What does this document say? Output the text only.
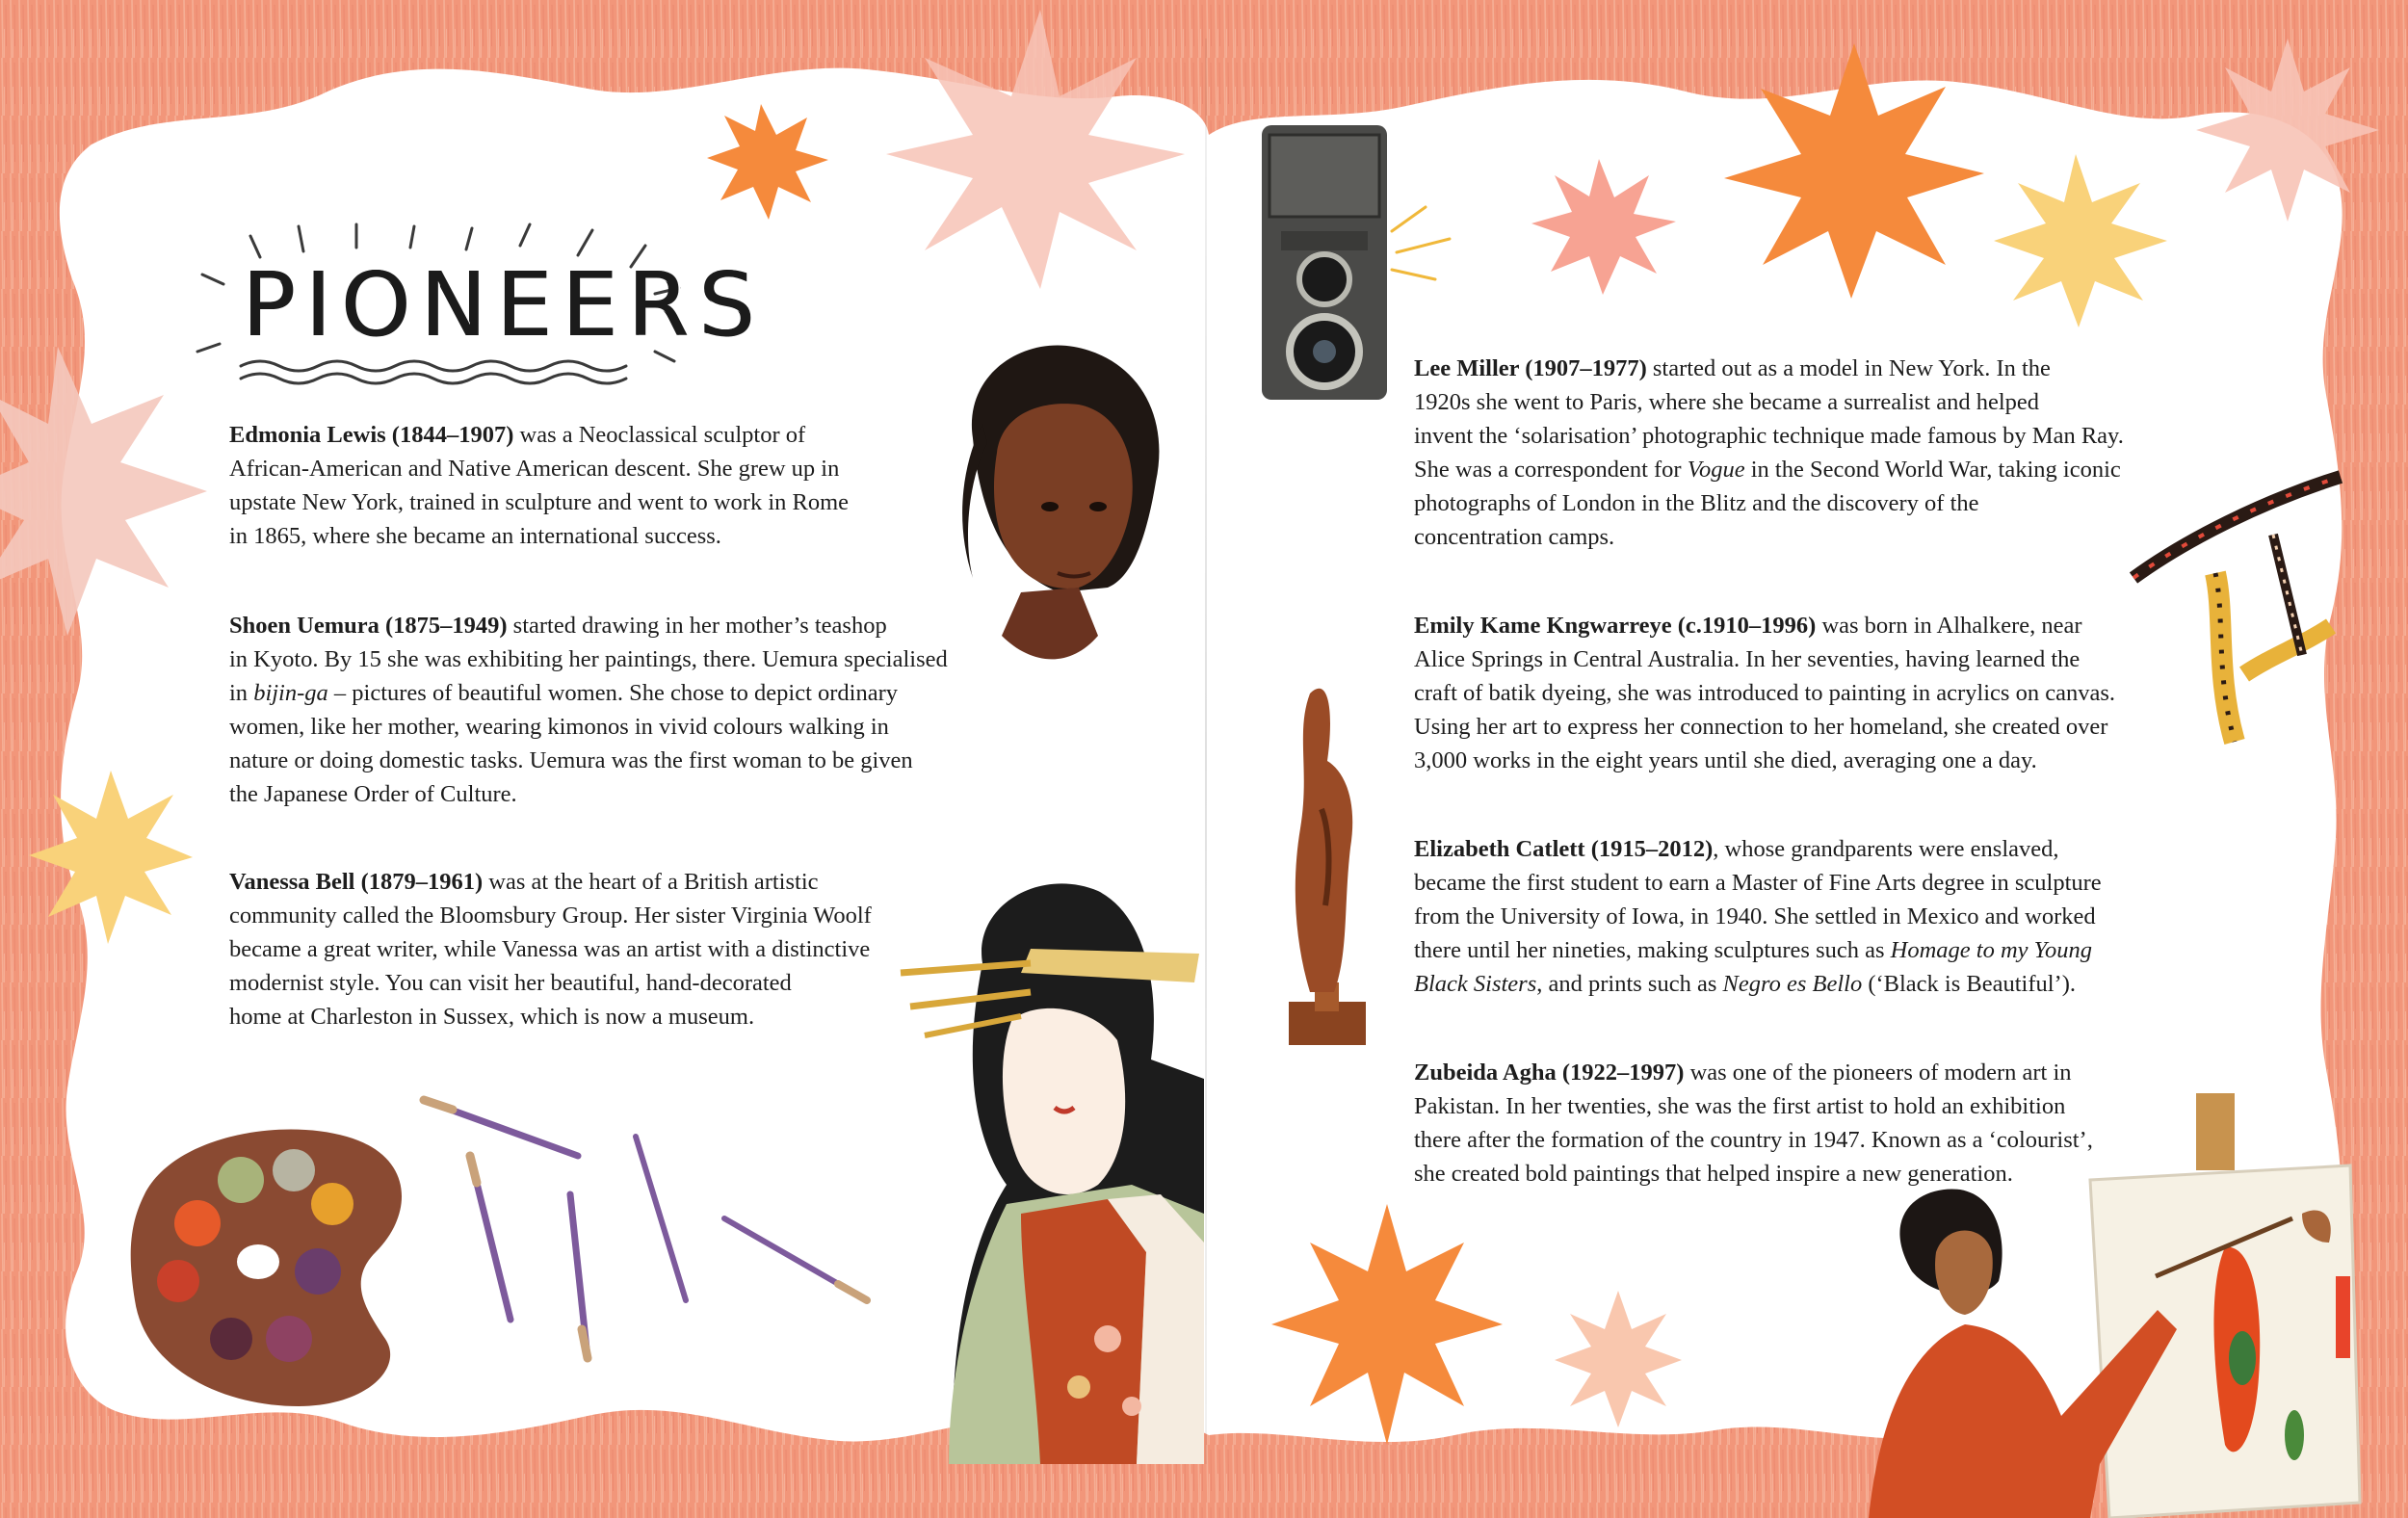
PIONEERS

Edmonia Lewis (1844–1907) was a Neoclassical sculptor of
African-American and Native American descent. She grew up in
upstate New York, trained in sculpture and went to work in Rome
in 1865, where she became an international success.

Shoen Uemura (1875–1949) started drawing in her mother’s teashop
in Kyoto. By 15 she was exhibiting her paintings, there. Uemura specialised
in bijin-ga – pictures of beautiful women. She chose to depict ordinary
women, like her mother, wearing kimonos in vivid colours walking in
nature or doing domestic tasks. Uemura was the first woman to be given
the Japanese Order of Culture.

Vanessa Bell (1879–1961) was at the heart of a British artistic
community called the Bloomsbury Group. Her sister Virginia Woolf
became a great writer, while Vanessa was an artist with a distinctive
modernist style. You can visit her beautiful, hand-decorated
home at Charleston in Sussex, which is now a museum.

Lee Miller (1907–1977) started out as a model in New York. In the
1920s she went to Paris, where she became a surrealist and helped
invent the ‘solarisation’ photographic technique made famous by Man Ray.
She was a correspondent for Vogue in the Second World War, taking iconic
photographs of London in the Blitz and the discovery of the
concentration camps.

Emily Kame Kngwarreye (c.1910–1996) was born in Alhalkere, near
Alice Springs in Central Australia. In her seventies, having learned the
craft of batik dyeing, she was introduced to painting in acrylics on canvas.
Using her art to express her connection to her homeland, she created over
3,000 works in the eight years until she died, averaging one a day.

Elizabeth Catlett (1915–2012), whose grandparents were enslaved,
became the first student to earn a Master of Fine Arts degree in sculpture
from the University of Iowa, in 1940. She settled in Mexico and worked
there until her nineties, making sculptures such as Homage to my Young
Black Sisters, and prints such as Negro es Bello (‘Black is Beautiful’).

Zubeida Agha (1922–1997) was one of the pioneers of modern art in
Pakistan. In her twenties, she was the first artist to hold an exhibition
there after the formation of the country in 1947. Known as a ‘colourist’,
she created bold paintings that helped inspire a new generation.
